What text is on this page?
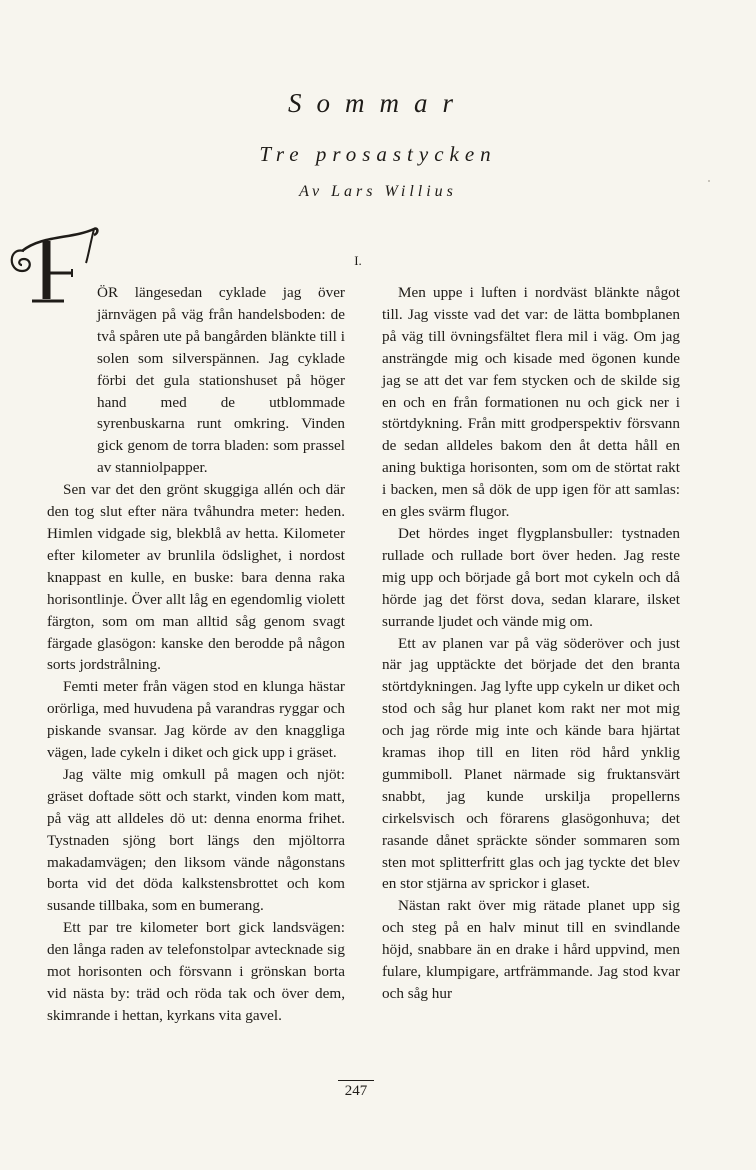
Sommar
Tre prosastycken
Av Lars Willius
I.
F

ÖR längesedan cyklade jag över järnvägen på väg från handelsboden: de två spåren ute på bangården blänkte till i solen som silverspännen. Jag cyklade förbi det gula stationshuset på höger hand med de utblommade syrenbuskarna runt omkring. Vinden gick genom de torra bladen: som prassel av stanniolpapper.

Sen var det den grönt skuggiga allén och där den tog slut efter nära tvåhundra meter: heden. Himlen vidgade sig, blekblå av hetta. Kilometer efter kilometer av brunlila ödslighet, i nordost knappast en kulle, en buske: bara denna raka horisontlinje. Över allt låg en egendomlig violett färgton, som om man alltid såg genom svagt färgade glasögon: kanske den berodde på någon sorts jordstrålning.

Femti meter från vägen stod en klunga hästar orörliga, med huvudena på varandras ryggar och piskande svansar. Jag körde av den knaggliga vägen, lade cykeln i diket och gick upp i gräset.

Jag vältе mig omkull på magen och njöt: gräset doftade sött och starkt, vinden kom matt, på väg att alldeles dö ut: denna enorma frihet. Tystnaden sjöng bort längs den mjöltorra makadamvägen; den liksom vände någonstans borta vid det döda kalkstensbrottet och kom susande tillbaka, som en bumerang.

Ett par tre kilometer bort gick landsvägen: den långa raden av telefonstolpar avtecknade sig mot horisonten och försvann i grönskan borta vid nästa by: träd och röda tak och över dem, skimrande i hettan, kyrkans vita gavel.

Men uppe i luften i nordväst blänkte något till. Jag visste vad det var: de lätta bombplanen på väg till övningsfältet flera mil i väg. Om jag ansträngde mig och kisade med ögonen kunde jag se att det var fem stycken och de skilde sig en och en från formationen nu och gick ner i störtdykning. Från mitt grodperspektiv försvann de sedan alldeles bakom den åt detta håll en aning buktiga horisonten, som om de störtat rakt i backen, men så dök de upp igen för att samlas: en gles svärm flugor.

Det hördes inget flygplansbuller: tystnaden rullade och rullade bort över heden. Jag reste mig upp och började gå bort mot cykeln och då hörde jag det först dova, sedan klarare, ilsket surrande ljudet och vände mig om.

Ett av planen var på väg söderöver och just när jag upptäckte det började det den branta störtdykningen. Jag lyfte upp cykeln ur diket och stod och såg hur planet kom rakt ner mot mig och jag rörde mig inte och kände bara hjärtat kramas ihop till en liten röd hård ynklig gummiboll. Planet närmade sig fruktansvärt snabbt, jag kunde urskilja propellerns cirkelsvisch och förarens glasögonhuva; det rasande dånet spräckte sönder sommaren som sten mot splitterfritt glas och jag tyckte det blev en stor stjärna av sprickor i glaset.

Nästan rakt över mig rätade planet upp sig och steg på en halv minut till en svindlande höjd, snabbare än en drake i hård uppvind, men fulare, klumpigare, artfrämmande. Jag stod kvar och såg hur

247
